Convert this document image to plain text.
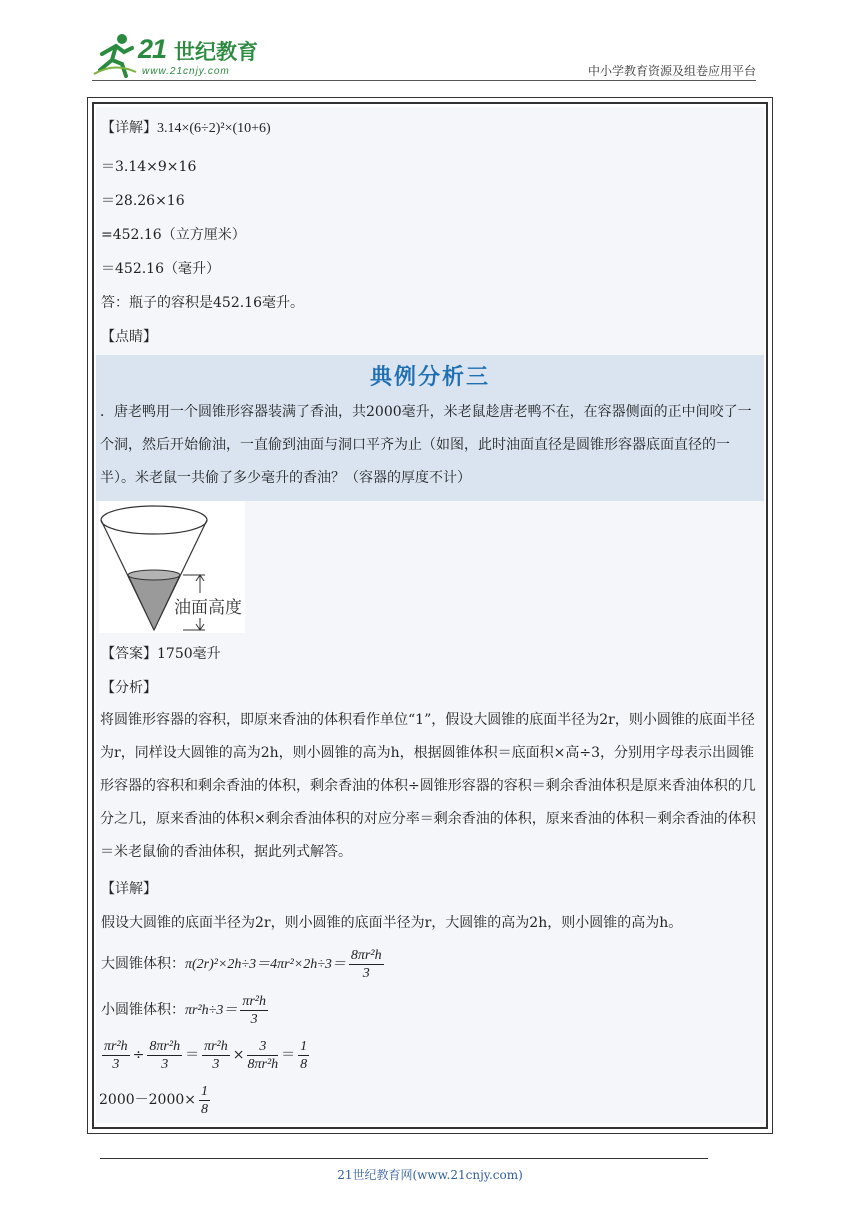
21 世纪教育
www.21cnjy.com	中小学教育资源及组卷应用平台
【详解】3.14×(6÷2)²×(10+6)
＝3.14×9×16
＝28.26×16
=452.16（立方厘米）
＝452.16（毫升）
答：瓶子的容积是452.16毫升。
【点睛】
典例分析三
．唐老鸭用一个圆锥形容器装满了香油，共2000毫升，米老鼠趁唐老鸭不在，在容器侧面的正中间咬了一个洞，然后开始偷油，一直偷到油面与洞口平齐为止（如图，此时油面直径是圆锥形容器底面直径的一半）。米老鼠一共偷了多少毫升的香油？（容器的厚度不计）
油面高度
【答案】1750毫升
【分析】
将圆锥形容器的容积，即原来香油的体积看作单位“1”，假设大圆锥的底面半径为2r，则小圆锥的底面半径为r，同样设大圆锥的高为2h，则小圆锥的高为h，根据圆锥体积＝底面积×高÷3，分别用字母表示出圆锥形容器的容积和剩余香油的体积，剩余香油的体积÷圆锥形容器的容积＝剩余香油体积是原来香油体积的几分之几，原来香油的体积×剩余香油体积的对应分率＝剩余香油的体积，原来香油的体积－剩余香油的体积＝米老鼠偷的香油体积，据此列式解答。
【详解】
假设大圆锥的底面半径为2r，则小圆锥的底面半径为r，大圆锥的高为2h，则小圆锥的高为h。
大圆锥体积：$\pi(2r)^2\times 2h\div 3=4\pi r^2\times 2h\div 3= \frac{\text{8πr²h}}{3}$
小圆锥体积：$\pi r^2h\div 3= \frac{\text{πr²h}}{3}$
$\frac{\text{πr²h}}{3} \div \frac{\text{8πr²h}}{3} = \frac{\text{πr²h}}{3} \times \frac{3}{\text{8πr²h}} = \frac{1}{8}$
$2000-2000\times \frac{1}{8}$
21世纪教育网(www.21cnjy.com)
